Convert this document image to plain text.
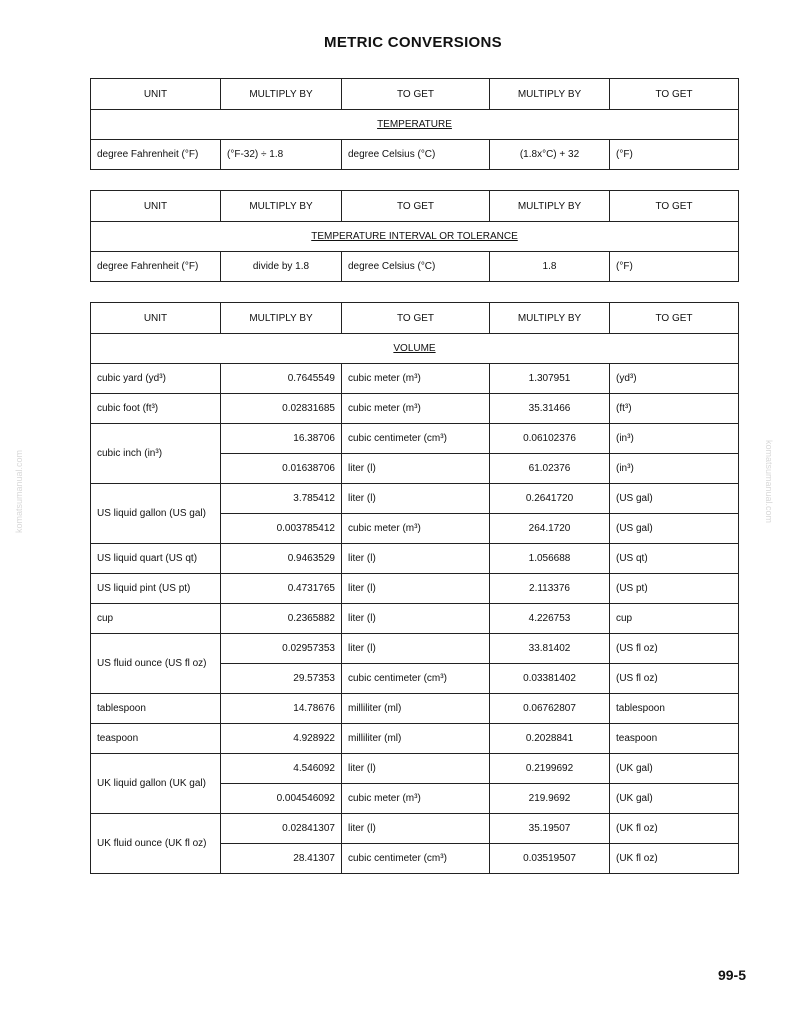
METRIC CONVERSIONS
komatsumanual.com	komatsumanual.com
UNIT	MULTIPLY BY	TO GET	MULTIPLY BY	TO GET
TEMPERATURE				
degree Fahrenheit (°F)	(°F-32) ÷ 1.8	degree Celsius (°C)	(1.8x°C) + 32	(°F)
UNIT	MULTIPLY BY	TO GET	MULTIPLY BY	TO GET
TEMPERATURE INTERVAL OR TOLERANCE				
degree Fahrenheit (°F)	divide by 1.8	degree Celsius (°C)	1.8	(°F)
UNIT	MULTIPLY BY	TO GET	MULTIPLY BY	TO GET
VOLUME				
cubic yard (yd³)	0.7645549	cubic meter (m³)	1.307951	(yd³)
cubic foot (ft³)	0.02831685	cubic meter (m³)	35.31466	(ft³)
cubic inch (in³)	16.38706	cubic centimeter (cm³)	0.06102376	(in³)
	0.01638706	liter (l)	61.02376	(in³)
US liquid gallon (US gal)	3.785412	liter (l)	0.2641720	(US gal)
	0.003785412	cubic meter (m³)	264.1720	(US gal)
US liquid quart (US qt)	0.9463529	liter (l)	1.056688	(US qt)
US liquid pint (US pt)	0.4731765	liter (l)	2.113376	(US pt)
cup	0.2365882	liter (l)	4.226753	cup
US fluid ounce (US fl oz)	0.02957353	liter (l)	33.81402	(US fl oz)
	29.57353	cubic centimeter (cm³)	0.03381402	(US fl oz)
tablespoon	14.78676	milliliter (ml)	0.06762807	tablespoon
teaspoon	4.928922	milliliter (ml)	0.2028841	teaspoon
UK liquid gallon (UK gal)	4.546092	liter (l)	0.2199692	(UK gal)
	0.004546092	cubic meter (m³)	219.9692	(UK gal)
UK fluid ounce (UK fl oz)	0.02841307	liter (l)	35.19507	(UK fl oz)
	28.41307	cubic centimeter (cm³)	0.03519507	(UK fl oz)
99-5
